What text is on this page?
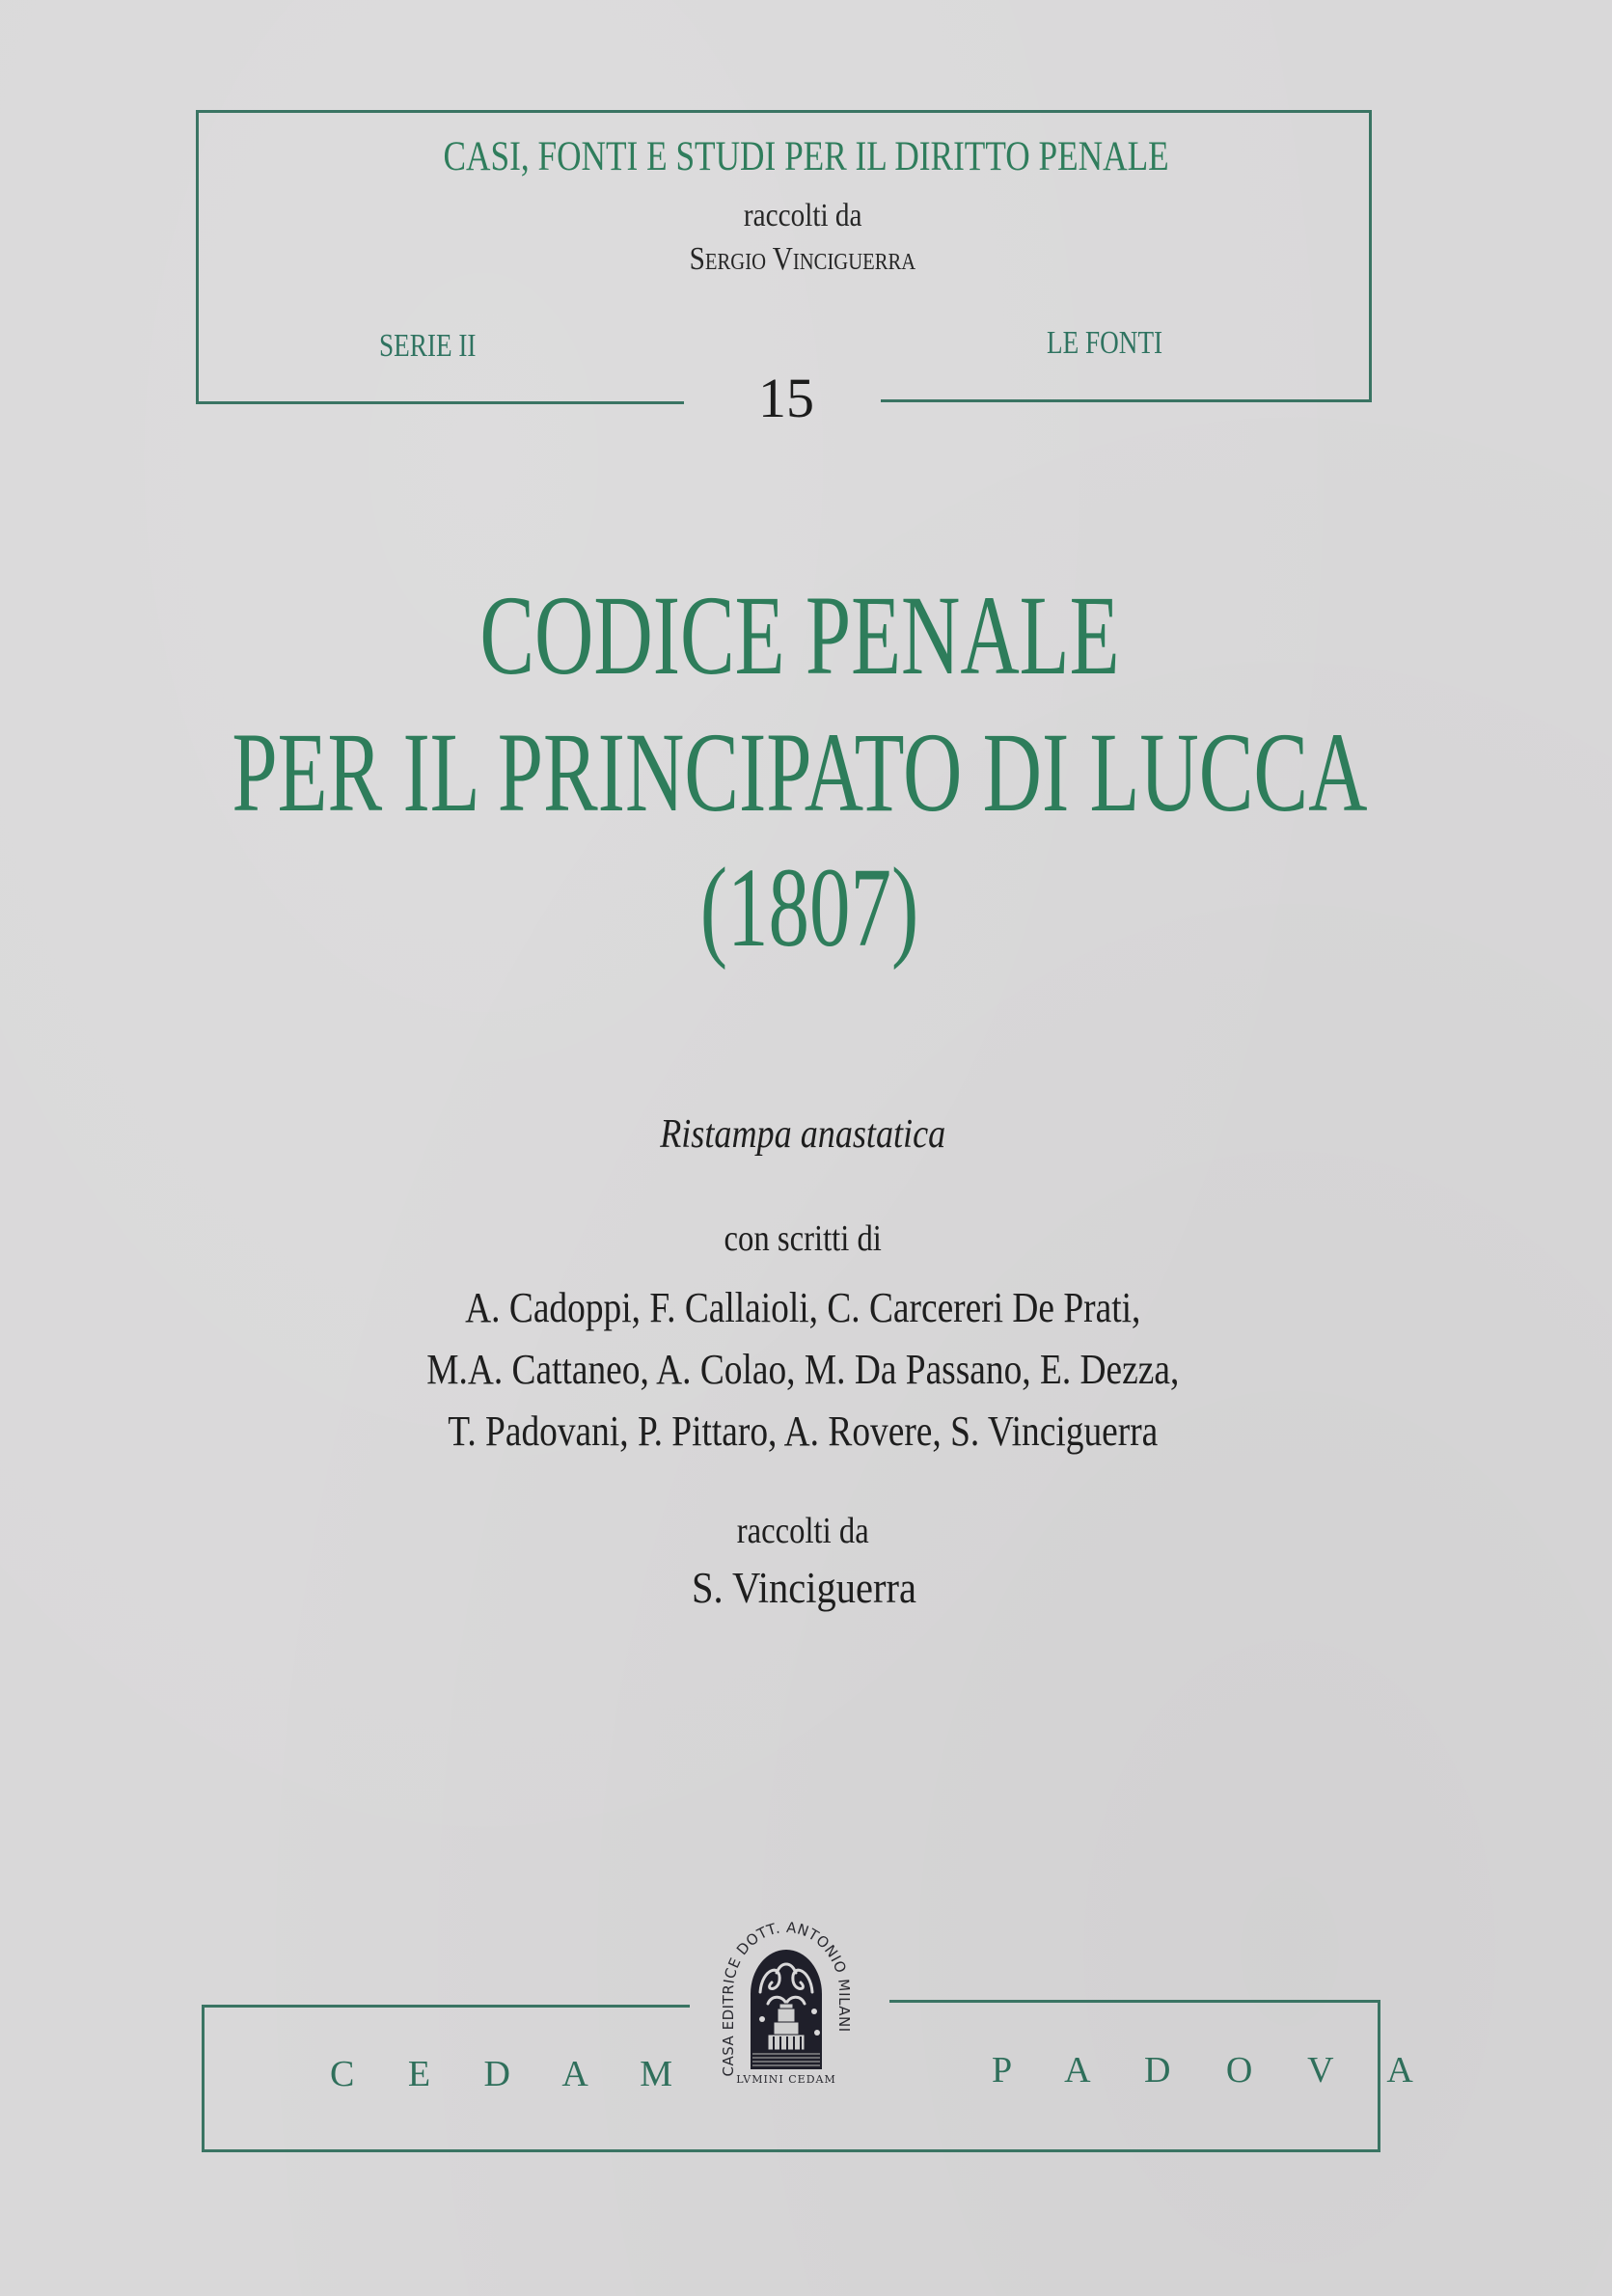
CASI, FONTI E STUDI PER IL DIRITTO PENALE
raccolti da
Sergio Vinciguerra
SERIE II	LE FONTI
15
CODICE PENALE
PER IL PRINCIPATO DI LUCCA
(1807)
Ristampa anastatica
con scritti di
A. Cadoppi, F. Callaioli, C. Carcereri De Prati,
M.A. Cattaneo, A. Colao, M. Da Passano, E. Dezza,
T. Padovani, P. Pittaro, A. Rovere, S. Vinciguerra
raccolti da
S. Vinciguerra
C E D A M	P A D O V A
CASA EDITRICE DOTT. ANTONIO MILANI
LVMINI CEDAM
